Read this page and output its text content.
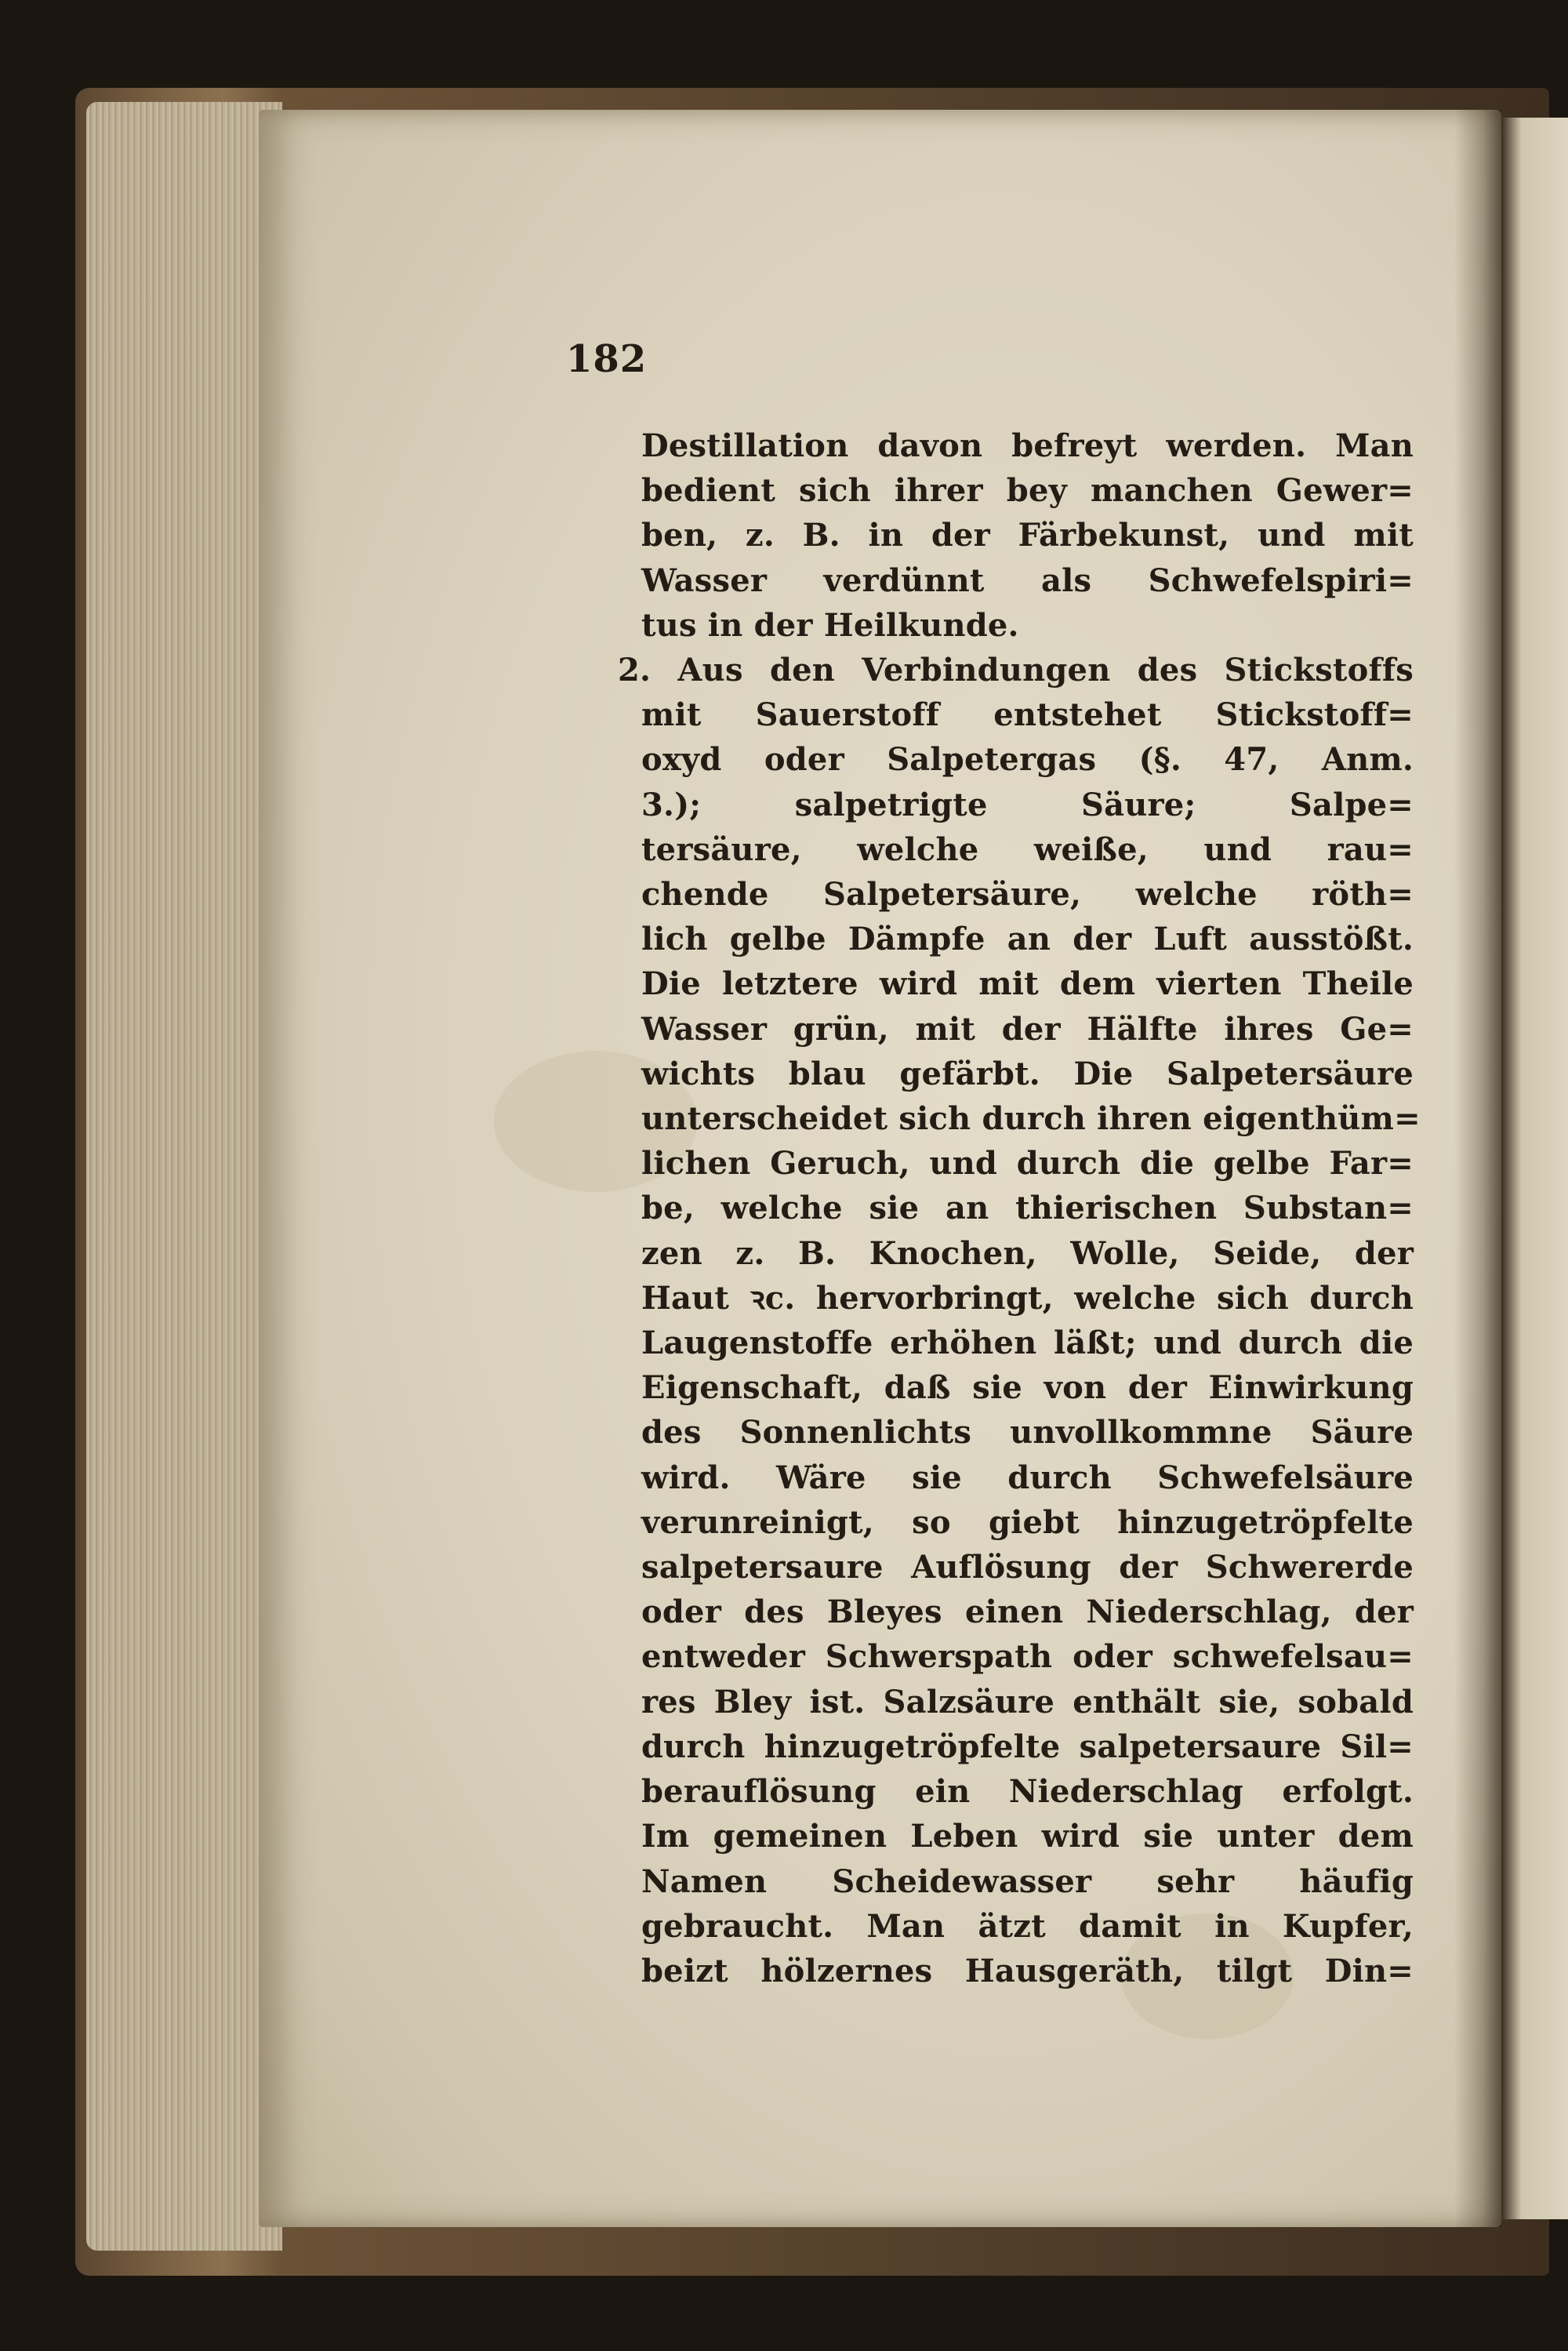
182
Destillation davon befreyt werden. Man
bedient sich ihrer bey manchen Gewer=
ben, z. B. in der Färbekunst, und mit
Wasser verdünnt als Schwefelspiri=
tus in der Heilkunde.
2. Aus den Verbindungen des Stickstoffs
mit Sauerstoff entstehet Stickstoff=
oxyd oder Salpetergas (§. 47, Anm.
3.); salpetrigte Säure; Salpe=
tersäure, welche weiße, und rau=
chende Salpetersäure, welche röth=
lich gelbe Dämpfe an der Luft ausstößt.
Die letztere wird mit dem vierten Theile
Wasser grün, mit der Hälfte ihres Ge=
wichts blau gefärbt. Die Salpetersäure
unterscheidet sich durch ihren eigenthüm=
lichen Geruch, und durch die gelbe Far=
be, welche sie an thierischen Substan=
zen z. B. Knochen, Wolle, Seide, der
Haut ꝛc. hervorbringt, welche sich durch
Laugenstoffe erhöhen läßt; und durch die
Eigenschaft, daß sie von der Einwirkung
des Sonnenlichts unvollkommne Säure
wird. Wäre sie durch Schwefelsäure
verunreinigt, so giebt hinzugetröpfelte
salpetersaure Auflösung der Schwererde
oder des Bleyes einen Niederschlag, der
entweder Schwerspath oder schwefelsau=
res Bley ist. Salzsäure enthält sie, sobald
durch hinzugetröpfelte salpetersaure Sil=
berauflösung ein Niederschlag erfolgt.
Im gemeinen Leben wird sie unter dem
Namen Scheidewasser sehr häufig
gebraucht. Man ätzt damit in Kupfer,
beizt hölzernes Hausgeräth, tilgt Din=
